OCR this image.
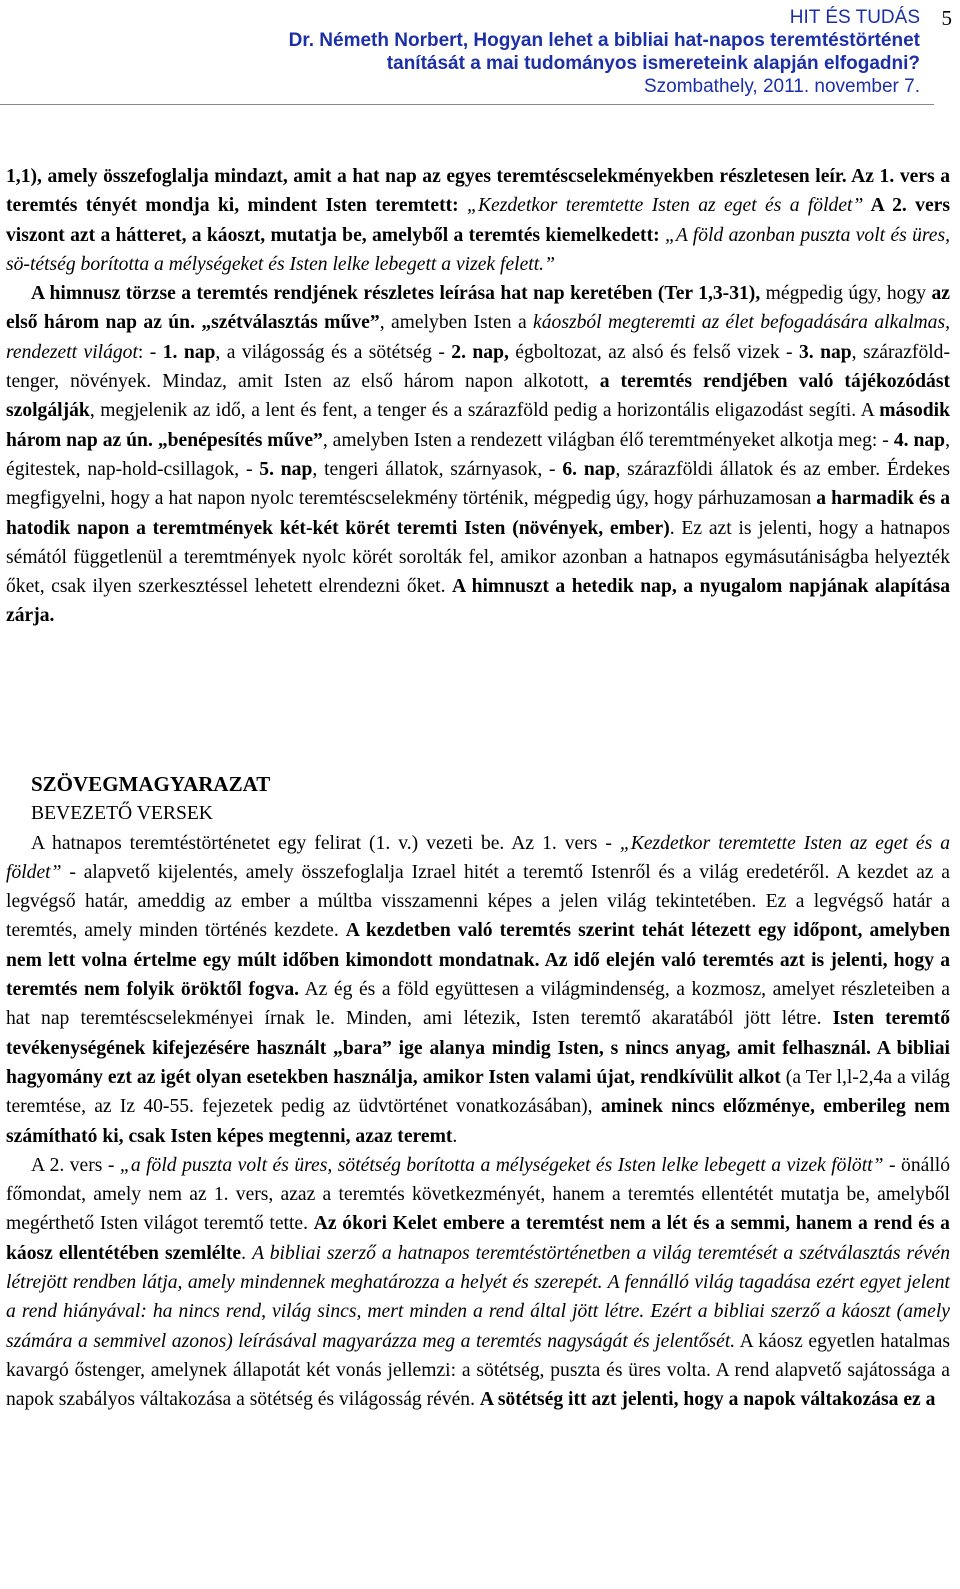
HIT ÉS TUDÁS
Dr. Németh Norbert, Hogyan lehet a bibliai hat-napos teremtéstörténet
tanítását a mai tudományos ismereteink alapján elfogadni?
Szombathely, 2011. november 7.
5

1,1), amely összefoglalja mindazt, amit a hat nap az egyes teremtéscselekményekben részletesen leír. Az 1. vers a teremtés tényét mondja ki, mindent Isten teremtett: „Kezdetkor teremtette Isten az eget és a földet” A 2. vers viszont azt a hátteret, a káoszt, mutatja be, amelyből a teremtés kiemelkedett: „A föld azonban puszta volt és üres, sö-tétség borította a mélységeket és Isten lelke lebegett a vizek felett.”

A himnusz törzse a teremtés rendjének részletes leírása hat nap keretében (Ter 1,3-31), mégpedig úgy, hogy az első három nap az ún. „szétválasztás műve”, amelyben Isten a káoszból megteremti az élet befogadására alkalmas, rendezett világot: - 1. nap, a világosság és a sötétség - 2. nap, égboltozat, az alsó és felső vizek - 3. nap, szárazföld-tenger, növények. Mindaz, amit Isten az első három napon alkotott, a teremtés rendjében való tájékozódást szolgálják, megjelenik az idő, a lent és fent, a tenger és a szárazföld pedig a horizontális eligazodást segíti. A második három nap az ún. „benépesítés műve”, amelyben Isten a rendezett világban élő teremtményeket alkotja meg: - 4. nap, égitestek, nap-hold-csillagok, - 5. nap, tengeri állatok, szárnyasok, - 6. nap, szárazföldi állatok és az ember. Érdekes megfigyelni, hogy a hat napon nyolc teremtéscselekmény történik, mégpedig úgy, hogy párhuzamosan a harmadik és a hatodik napon a teremtmények két-két körét teremti Isten (növények, ember). Ez azt is jelenti, hogy a hatnapos sémától függetlenül a teremtmények nyolc körét sorolták fel, amikor azonban a hatnapos egymásutániságba helyezték őket, csak ilyen szerkesztéssel lehetett elrendezni őket. A himnuszt a hetedik nap, a nyugalom napjának alapítása zárja.

SZÖVEGMAGYARAZAT

BEVEZETŐ VERSEK

A hatnapos teremtéstörténetet egy felirat (1. v.) vezeti be. Az 1. vers - „Kezdetkor teremtette Isten az eget és a földet” - alapvető kijelentés, amely összefoglalja Izrael hitét a teremtő Istenről és a világ eredetéről. A kezdet az a legvégső határ, ameddig az ember a múltba visszamenni képes a jelen világ tekintetében. Ez a legvégső határ a teremtés, amely minden történés kezdete. A kezdetben való teremtés szerint tehát létezett egy időpont, amelyben nem lett volna értelme egy múlt időben kimondott mondatnak. Az idő elején való teremtés azt is jelenti, hogy a teremtés nem folyik öröktől fogva. Az ég és a föld együttesen a világmindenség, a kozmosz, amelyet részleteiben a hat nap teremtéscselekményei írnak le. Minden, ami létezik, Isten teremtő akaratából jött létre. Isten teremtő tevékenységének kifejezésére használt „bara” ige alanya mindig Isten, s nincs anyag, amit felhasznál. A bibliai hagyomány ezt az igét olyan esetekben használja, amikor Isten valami újat, rendkívülit alkot (a Ter l,l-2,4a a világ teremtése, az Iz 40-55. fejezetek pedig az üdvtörténet vonatkozásában), aminek nincs előzménye, emberileg nem számítható ki, csak Isten képes megtenni, azaz teremt.

A 2. vers - „a föld puszta volt és üres, sötétség borította a mélységeket és Isten lelke lebegett a vizek fölött” - önálló főmondat, amely nem az 1. vers, azaz a teremtés következményét, hanem a teremtés ellentétét mutatja be, amelyből megérthető Isten világot teremtő tette. Az ókori Kelet embere a teremtést nem a lét és a semmi, hanem a rend és a káosz ellentétében szemlélte. A bibliai szerző a hatnapos teremtéstörténetben a világ teremtését a szétválasztás révén létrejött rendben látja, amely mindennek meghatározza a helyét és szerepét. A fennálló világ tagadása ezért egyet jelent a rend hiányával: ha nincs rend, világ sincs, mert minden a rend által jött létre. Ezért a bibliai szerző a káoszt (amely számára a semmivel azonos) leírásával magyarázza meg a teremtés nagyságát és jelentősét. A káosz egyetlen hatalmas kavargó őstenger, amelynek állapotát két vonás jellemzi: a sötétség, puszta és üres volta. A rend alapvető sajátossága a napok szabályos váltakozása a sötétség és világosság révén. A sötétség itt azt jelenti, hogy a napok váltakozása ez a
